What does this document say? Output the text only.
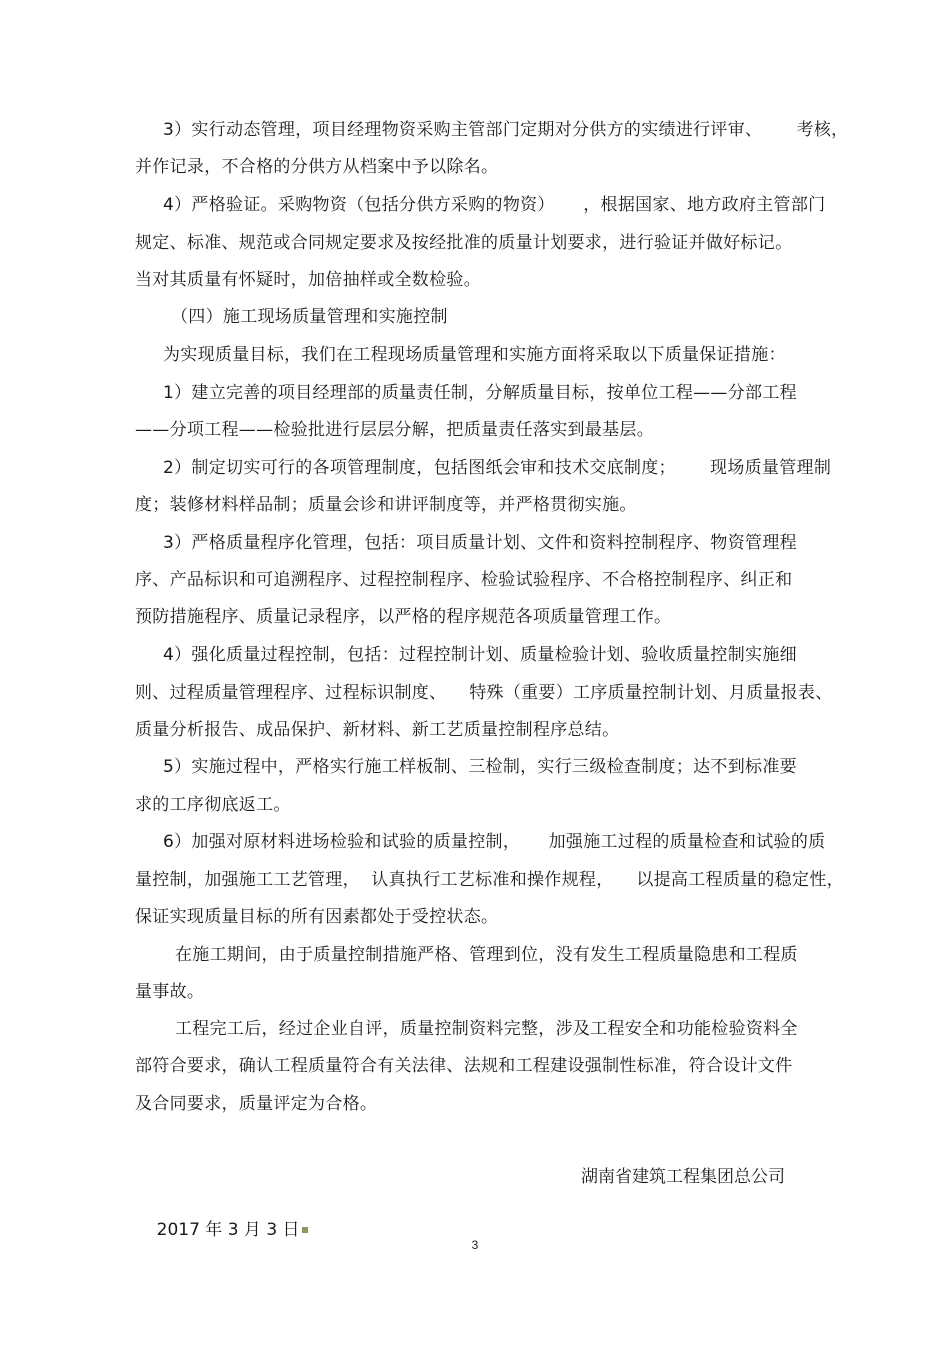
3）实行动态管理，项目经理物资采购主管部门定期对分供方的实绩进行评审、      考核，
并作记录，不合格的分供方从档案中予以除名。
4）严格验证。采购物资（包括分供方采购的物资）     ，根据国家、地方政府主管部门
规定、标准、规范或合同规定要求及按经批准的质量计划要求，进行验证并做好标记。
当对其质量有怀疑时，加倍抽样或全数检验。
（四）施工现场质量管理和实施控制
为实现质量目标，我们在工程现场质量管理和实施方面将采取以下质量保证措施：
1）建立完善的项目经理部的质量责任制，分解质量目标，按单位工程——分部工程
——分项工程——检验批进行层层分解，把质量责任落实到最基层。
2）制定切实可行的各项管理制度，包括图纸会审和技术交底制度；      现场质量管理制
度；装修材料样品制；质量会诊和讲评制度等，并严格贯彻实施。
3）严格质量程序化管理，包括：项目质量计划、文件和资料控制程序、物资管理程
序、产品标识和可追溯程序、过程控制程序、检验试验程序、不合格控制程序、纠正和
预防措施程序、质量记录程序，以严格的程序规范各项质量管理工作。
4）强化质量过程控制，包括：过程控制计划、质量检验计划、验收质量控制实施细
则、过程质量管理程序、过程标识制度、    特殊（重要）工序质量控制计划、月质量报表、
质量分析报告、成品保护、新材料、新工艺质量控制程序总结。
5）实施过程中，严格实行施工样板制、三检制，实行三级检查制度；达不到标准要
求的工序彻底返工。
6）加强对原材料进场检验和试验的质量控制，     加强施工过程的质量检查和试验的质
量控制，加强施工工艺管理，  认真执行工艺标准和操作规程，    以提高工程质量的稳定性，
保证实现质量目标的所有因素都处于受控状态。
在施工期间，由于质量控制措施严格、管理到位，没有发生工程质量隐患和工程质
量事故。
工程完工后，经过企业自评，质量控制资料完整，涉及工程安全和功能检验资料全
部符合要求，确认工程质量符合有关法律、法规和工程建设强制性标准，符合设计文件
及合同要求，质量评定为合格。
湖南省建筑工程集团总公司

2017 年 3 月 3 日

3
